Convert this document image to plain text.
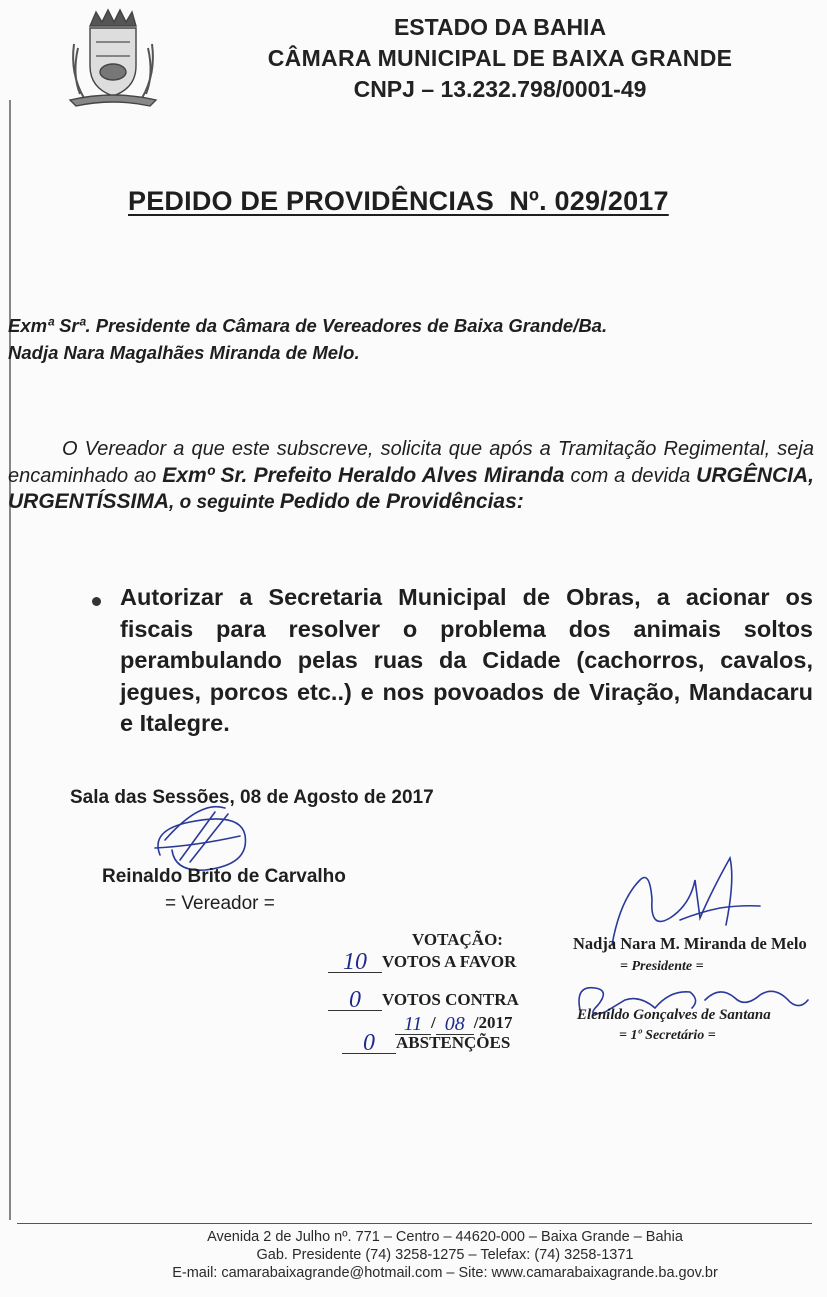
ESTADO DA BAHIA
CÂMARA MUNICIPAL DE BAIXA GRANDE
CNPJ – 13.232.798/0001-49
PEDIDO DE PROVIDÊNCIAS  Nº. 029/2017
Exmª Srª. Presidente da Câmara de Vereadores de Baixa Grande/Ba.
Nadja Nara Magalhães Miranda de Melo.
O Vereador a que este subscreve, solicita que após a Tramitação Regimental, seja encaminhado ao Exmº Sr. Prefeito Heraldo Alves Miranda com a devida URGÊNCIA, URGENTÍSSIMA, o seguinte Pedido de Providências:
Autorizar a Secretaria Municipal de Obras, a acionar os fiscais para resolver o problema dos animais soltos perambulando pelas ruas da Cidade (cachorros, cavalos, jegues, porcos etc..) e nos povoados de Viração, Mandacaru e Italegre.
Sala das Sessões, 08 de Agosto de 2017
Reinaldo Brito de Carvalho
= Vereador =
VOTAÇÃO:
10 VOTOS A FAVOR
0 VOTOS CONTRA
11 / 08 /2017
0 ABSTENÇÕES
Nadja Nara M. Miranda de Melo
= Presidente =
Elenildo Gonçalves de Santana
= 1º Secretário =
Avenida 2 de Julho nº. 771 – Centro – 44620-000 – Baixa Grande – Bahia
Gab. Presidente (74) 3258-1275 – Telefax: (74) 3258-1371
E-mail: camarabaixagrande@hotmail.com – Site: www.camarabaixagrande.ba.gov.br
